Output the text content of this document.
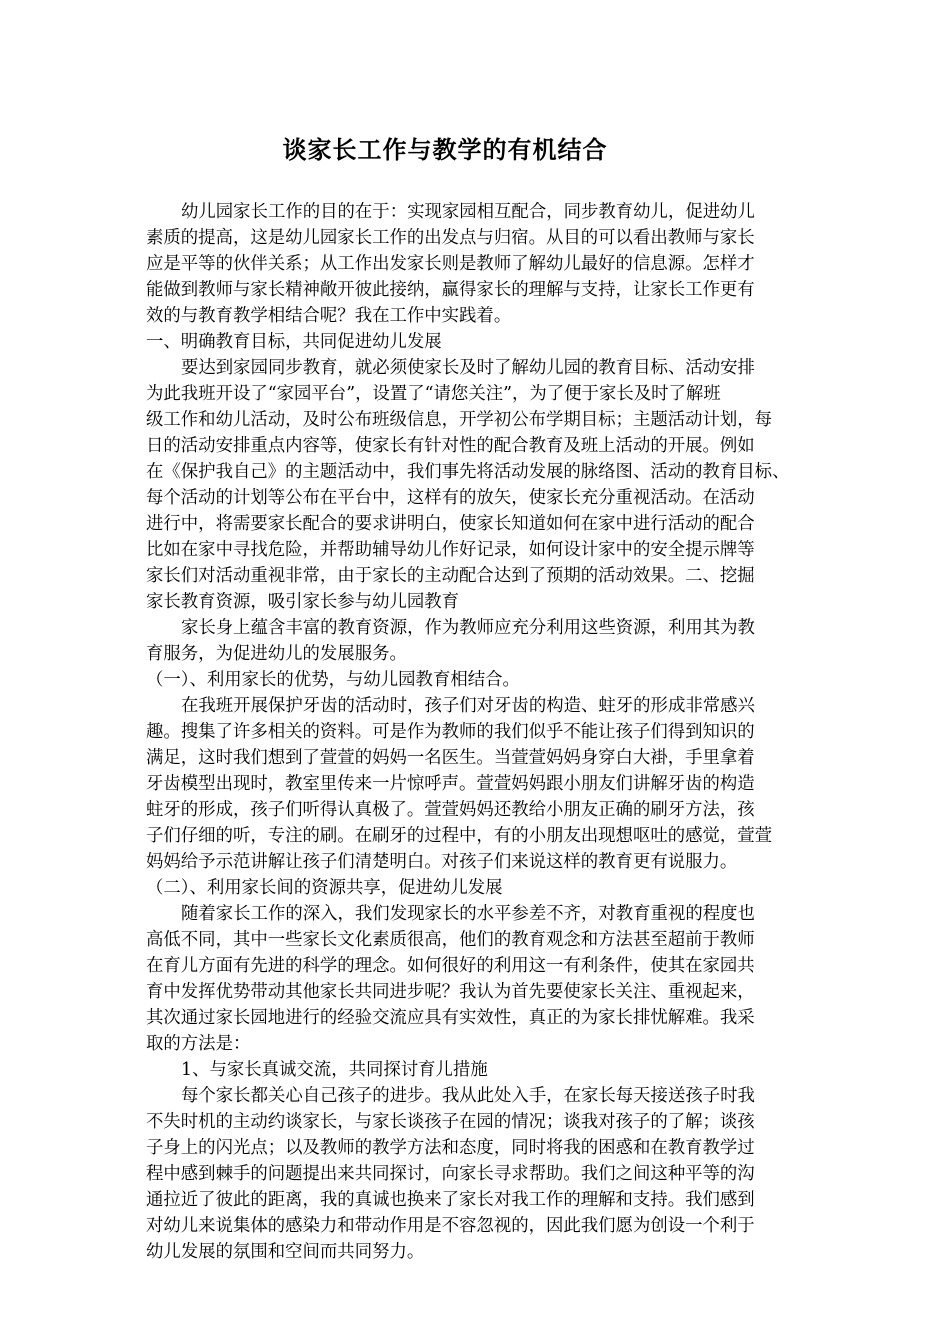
谈家长工作与教学的有机结合
幼儿园家长工作的目的在于：实现家园相互配合，同步教育幼儿，促进幼儿
素质的提高，这是幼儿园家长工作的出发点与归宿。从目的可以看出教师与家长
应是平等的伙伴关系；从工作出发家长则是教师了解幼儿最好的信息源。怎样才
能做到教师与家长精神敞开彼此接纳，赢得家长的理解与支持，让家长工作更有
效的与教育教学相结合呢？我在工作中实践着。
一、明确教育目标，共同促进幼儿发展
要达到家园同步教育，就必须使家长及时了解幼儿园的教育目标、活动安排
为此我班开设了“家园平台”，设置了“请您关注”，为了便于家长及时了解班
级工作和幼儿活动，及时公布班级信息，开学初公布学期目标；主题活动计划，每
日的活动安排重点内容等，使家长有针对性的配合教育及班上活动的开展。例如
在《保护我自己》的主题活动中，我们事先将活动发展的脉络图、活动的教育目标、
每个活动的计划等公布在平台中，这样有的放矢，使家长充分重视活动。在活动
进行中，将需要家长配合的要求讲明白，使家长知道如何在家中进行活动的配合
比如在家中寻找危险，并帮助辅导幼儿作好记录，如何设计家中的安全提示牌等
家长们对活动重视非常，由于家长的主动配合达到了预期的活动效果。二、挖掘
家长教育资源，吸引家长参与幼儿园教育
家长身上蕴含丰富的教育资源，作为教师应充分利用这些资源，利用其为教
育服务，为促进幼儿的发展服务。
（一）、利用家长的优势，与幼儿园教育相结合。
在我班开展保护牙齿的活动时，孩子们对牙齿的构造、蛀牙的形成非常感兴
趣。搜集了许多相关的资料。可是作为教师的我们似乎不能让孩子们得到知识的
满足，这时我们想到了萱萱的妈妈一名医生。当萱萱妈妈身穿白大褂，手里拿着
牙齿模型出现时，教室里传来一片惊呼声。萱萱妈妈跟小朋友们讲解牙齿的构造
蛀牙的形成，孩子们听得认真极了。萱萱妈妈还教给小朋友正确的刷牙方法，孩
子们仔细的听，专注的刷。在刷牙的过程中，有的小朋友出现想呕吐的感觉，萱萱
妈妈给予示范讲解让孩子们清楚明白。对孩子们来说这样的教育更有说服力。
（二）、利用家长间的资源共享，促进幼儿发展
随着家长工作的深入，我们发现家长的水平参差不齐，对教育重视的程度也
高低不同，其中一些家长文化素质很高，他们的教育观念和方法甚至超前于教师
在育儿方面有先进的科学的理念。如何很好的利用这一有利条件，使其在家园共
育中发挥优势带动其他家长共同进步呢？我认为首先要使家长关注、重视起来，
其次通过家长园地进行的经验交流应具有实效性，真正的为家长排忧解难。我采
取的方法是：
1、与家长真诚交流，共同探讨育儿措施
每个家长都关心自己孩子的进步。我从此处入手，在家长每天接送孩子时我
不失时机的主动约谈家长，与家长谈孩子在园的情况；谈我对孩子的了解；谈孩
子身上的闪光点；以及教师的教学方法和态度，同时将我的困惑和在教育教学过
程中感到棘手的问题提出来共同探讨，向家长寻求帮助。我们之间这种平等的沟
通拉近了彼此的距离，我的真诚也换来了家长对我工作的理解和支持。我们感到
对幼儿来说集体的感染力和带动作用是不容忽视的，因此我们愿为创设一个利于
幼儿发展的氛围和空间而共同努力。
